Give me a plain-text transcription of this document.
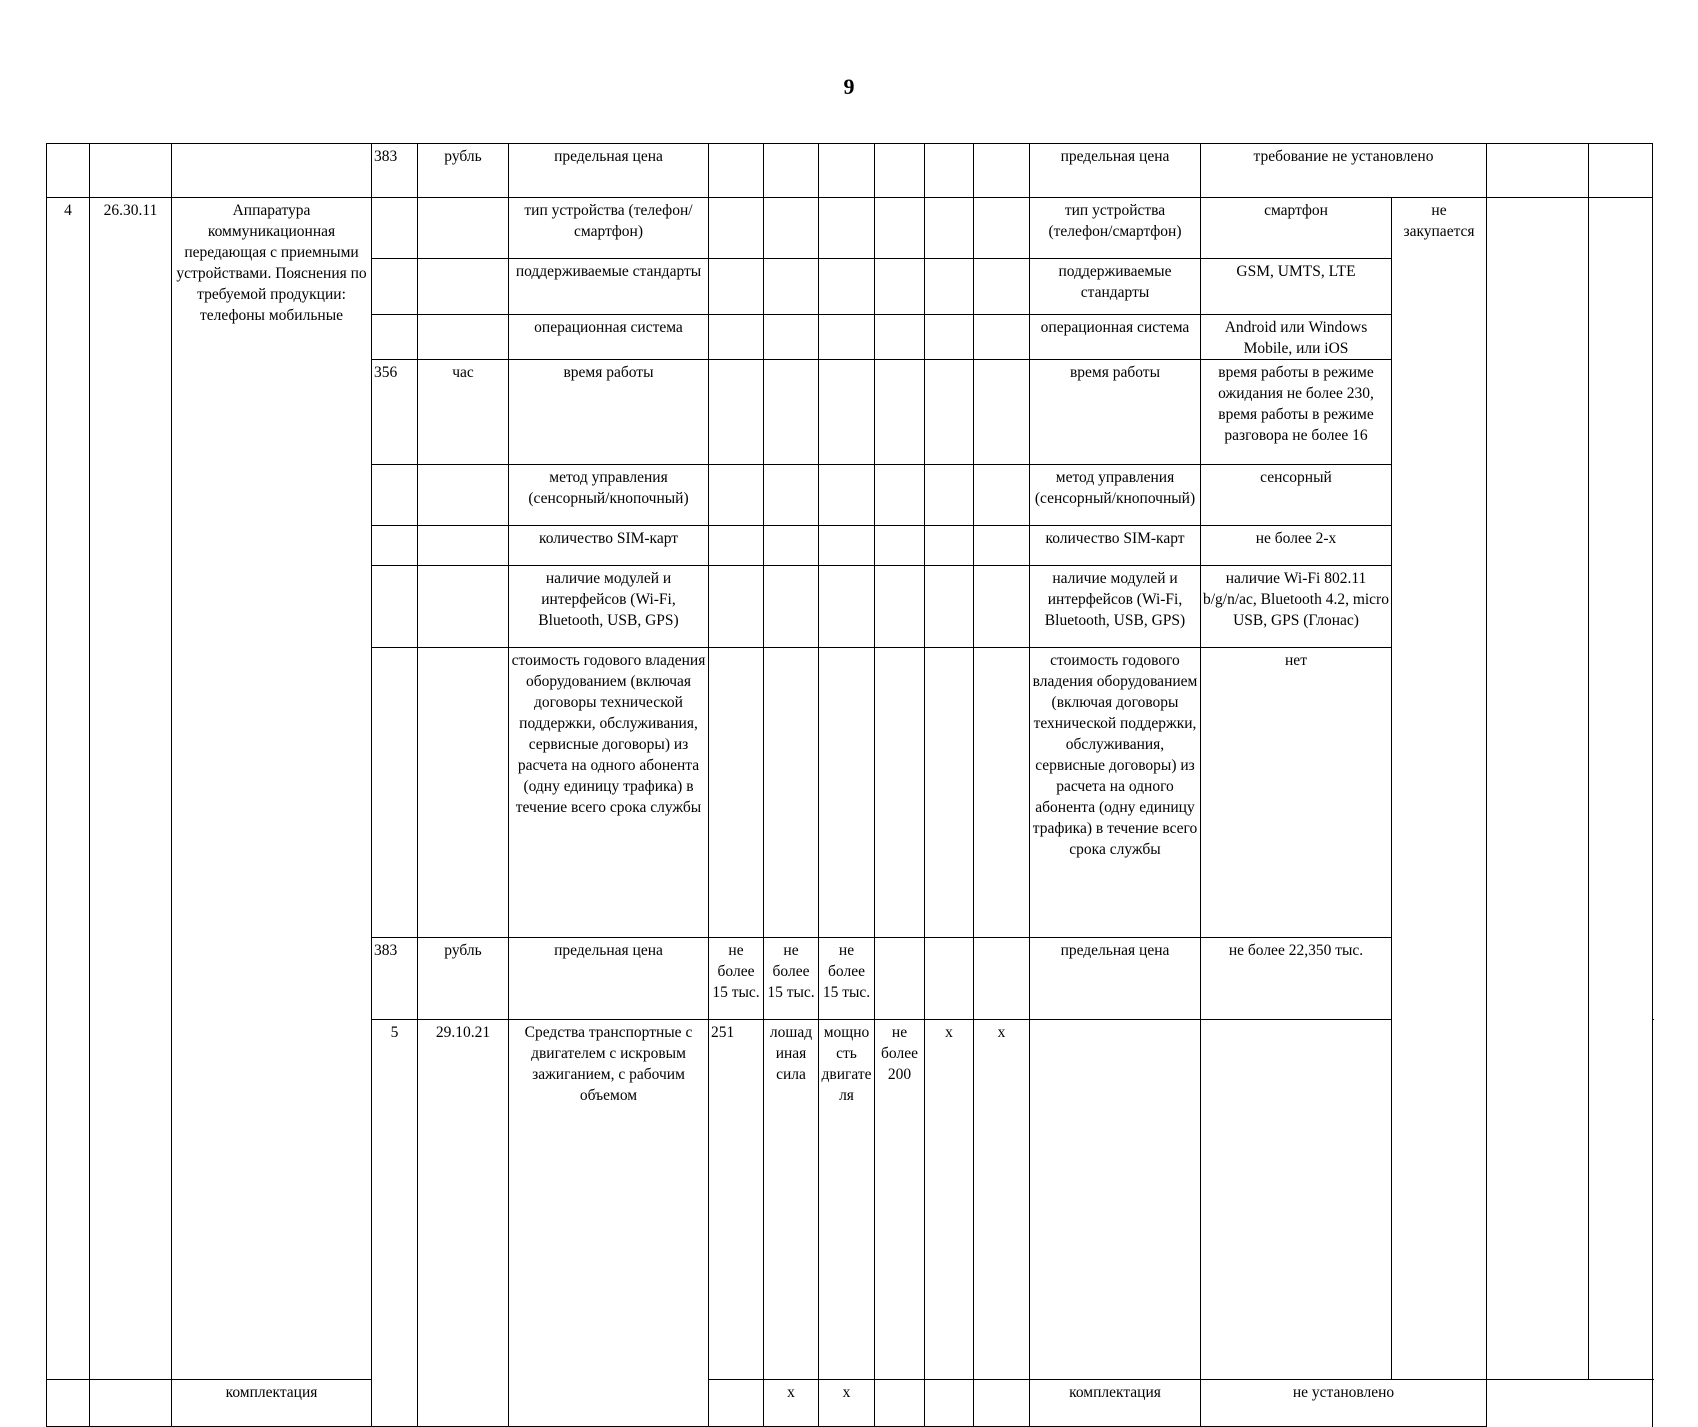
9
			383	рубль	предельная цена							предельная цена	требование не установлено				
4	26.30.11	Аппаратура коммуникационная передающая с приемными устройствами. Пояснения по требуемой продукции: телефоны мобильные			тип устройства (телефон/смартфон)							тип устройства (телефон/смартфон)	смартфон	не закупается			
					поддерживаемые стандарты							поддерживаемые стандарты	GSM, UMTS, LTE				
					операционная система							операционная система	Android или Windows Mobile, или iOS				
			356	час	время работы							время работы	время работы в режиме ожидания не более 230, время работы в режиме разговора не более 16				
					метод управления (сенсорный/кнопочный)							метод управления (сенсорный/кнопочный)	сенсорный				
					количество SIM-карт							количество SIM-карт	не более 2-х				
					наличие модулей и интерфейсов (Wi-Fi, Bluetooth, USB, GPS)							наличие модулей и интерфейсов (Wi-Fi, Bluetooth, USB, GPS)	наличие Wi-Fi 802.11 b/g/n/ac, Bluetooth 4.2, micro USB, GPS (Глонас)				
					стоимость годового владения оборудованием (включая договоры технической поддержки, обслуживания, сервисные договоры) из расчета на одного абонента (одну единицу трафика) в течение всего срока службы							стоимость годового владения оборудованием (включая договоры технической поддержки, обслуживания, сервисные договоры) из расчета на одного абонента (одну единицу трафика) в течение всего срока службы	нет				
			383	рубль	предельная цена	не более 15 тыс.	не более 15 тыс.	не более 15 тыс.				предельная цена	не более 22,350 тыс.				
			5	29.10.21	Средства транспортные с двигателем с искровым зажиганием, с рабочим объемом	251	лошадиная сила	мощность двигателя	не более 200	x	x							
		комплектация					x	x				комплектация	не установлено				
